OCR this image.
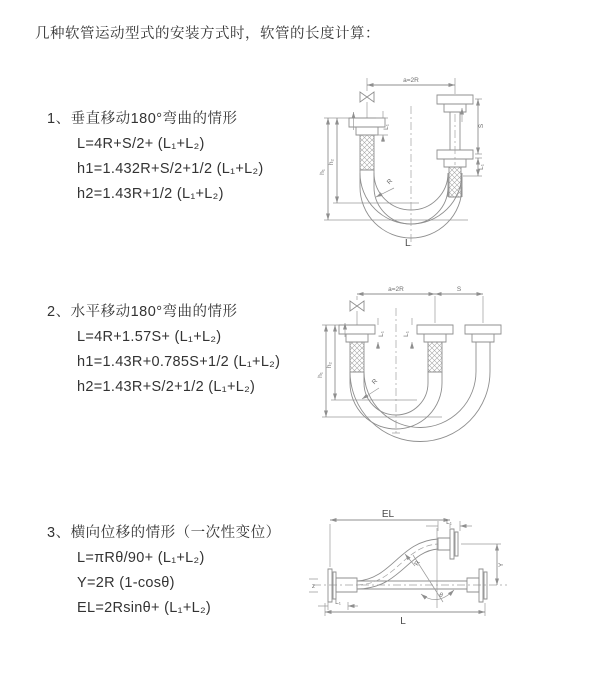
几种软管运动型式的安装方式时，软管的长度计算：

1、垂直移动180°弯曲的情形

L=4R+S/2+ (L₁+L₂)

h1=1.432R+S/2+1/2 (L₁+L₂)

h2=1.43R+1/2 (L₁+L₂)

2、水平移动180°弯曲的情形

L=4R+1.57S+ (L₁+L₂)

h1=1.43R+0.785S+1/2 (L₁+L₂)

h2=1.43R+S/2+1/2 (L₁+L₂)

3、横向位移的情形（一次性变位）

L=πRθ/90+ (L₁+L₂)

Y=2R (1-cosθ)

EL=2Rsinθ+ (L₁+L₂)

a=2R
L₁	S
L₁
h₁
h₂
R
L
a=2R	S
L₁	L₁
h₁
h₂
R
z
EL
L₁
Y
θ
R
L₁
L
